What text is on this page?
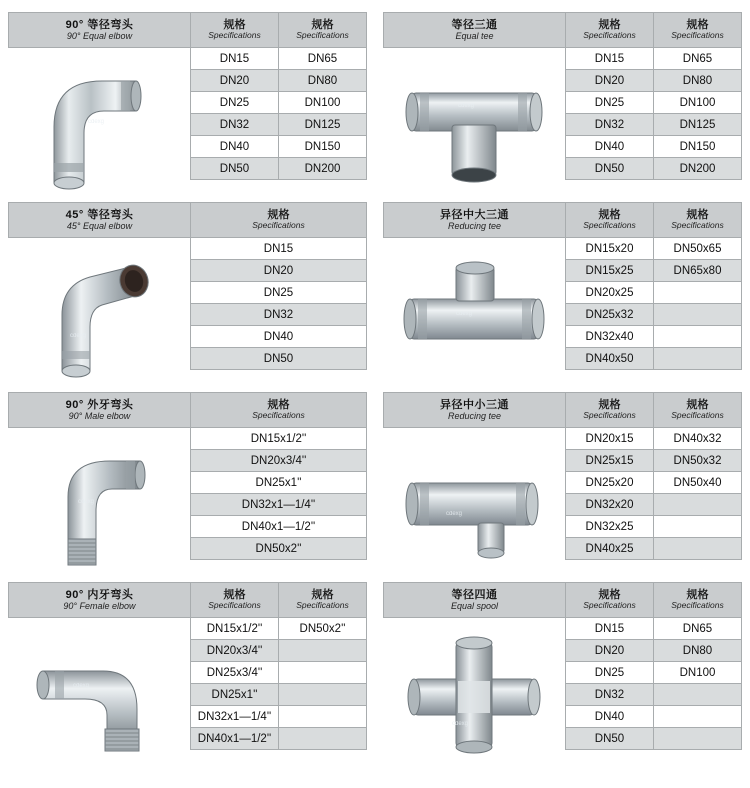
90° 等径弯头
90° Equal elbow
cdexg
规格
Specifications
DN15
DN20
DN25
DN32
DN40
DN50
规格
Specifications
DN65
DN80
DN100
DN125
DN150
DN200
等径三通
Equal tee
cdexg
规格
Specifications
DN15
DN20
DN25
DN32
DN40
DN50
规格
Specifications
DN65
DN80
DN100
DN125
DN150
DN200
45° 等径弯头
45° Equal elbow
cdexg
规格
Specifications
DN15
DN20
DN25
DN32
DN40
DN50
异径中大三通
Reducing tee
cdexg
规格
Specifications
DN15x20
DN15x25
DN20x25
DN25x32
DN32x40
DN40x50
规格
Specifications
DN50x65
DN65x80
90° 外牙弯头
90° Male elbow
cdexg
规格
Specifications
DN15x1/2''
DN20x3/4''
DN25x1''
DN32x1—1/4''
DN40x1—1/2''
DN50x2''
异径中小三通
Reducing tee
cdexg
规格
Specifications
DN20x15
DN25x15
DN25x20
DN32x20
DN32x25
DN40x25
规格
Specifications
DN40x32
DN50x32
DN50x40
90° 内牙弯头
90° Female elbow
cdexg
规格
Specifications
DN15x1/2''
DN20x3/4''
DN25x3/4''
DN25x1''
DN32x1—1/4''
DN40x1—1/2''
规格
Specifications
DN50x2''
等径四通
Equal spool
cdexg
规格
Specifications
DN15
DN20
DN25
DN32
DN40
DN50
规格
Specifications
DN65
DN80
DN100
